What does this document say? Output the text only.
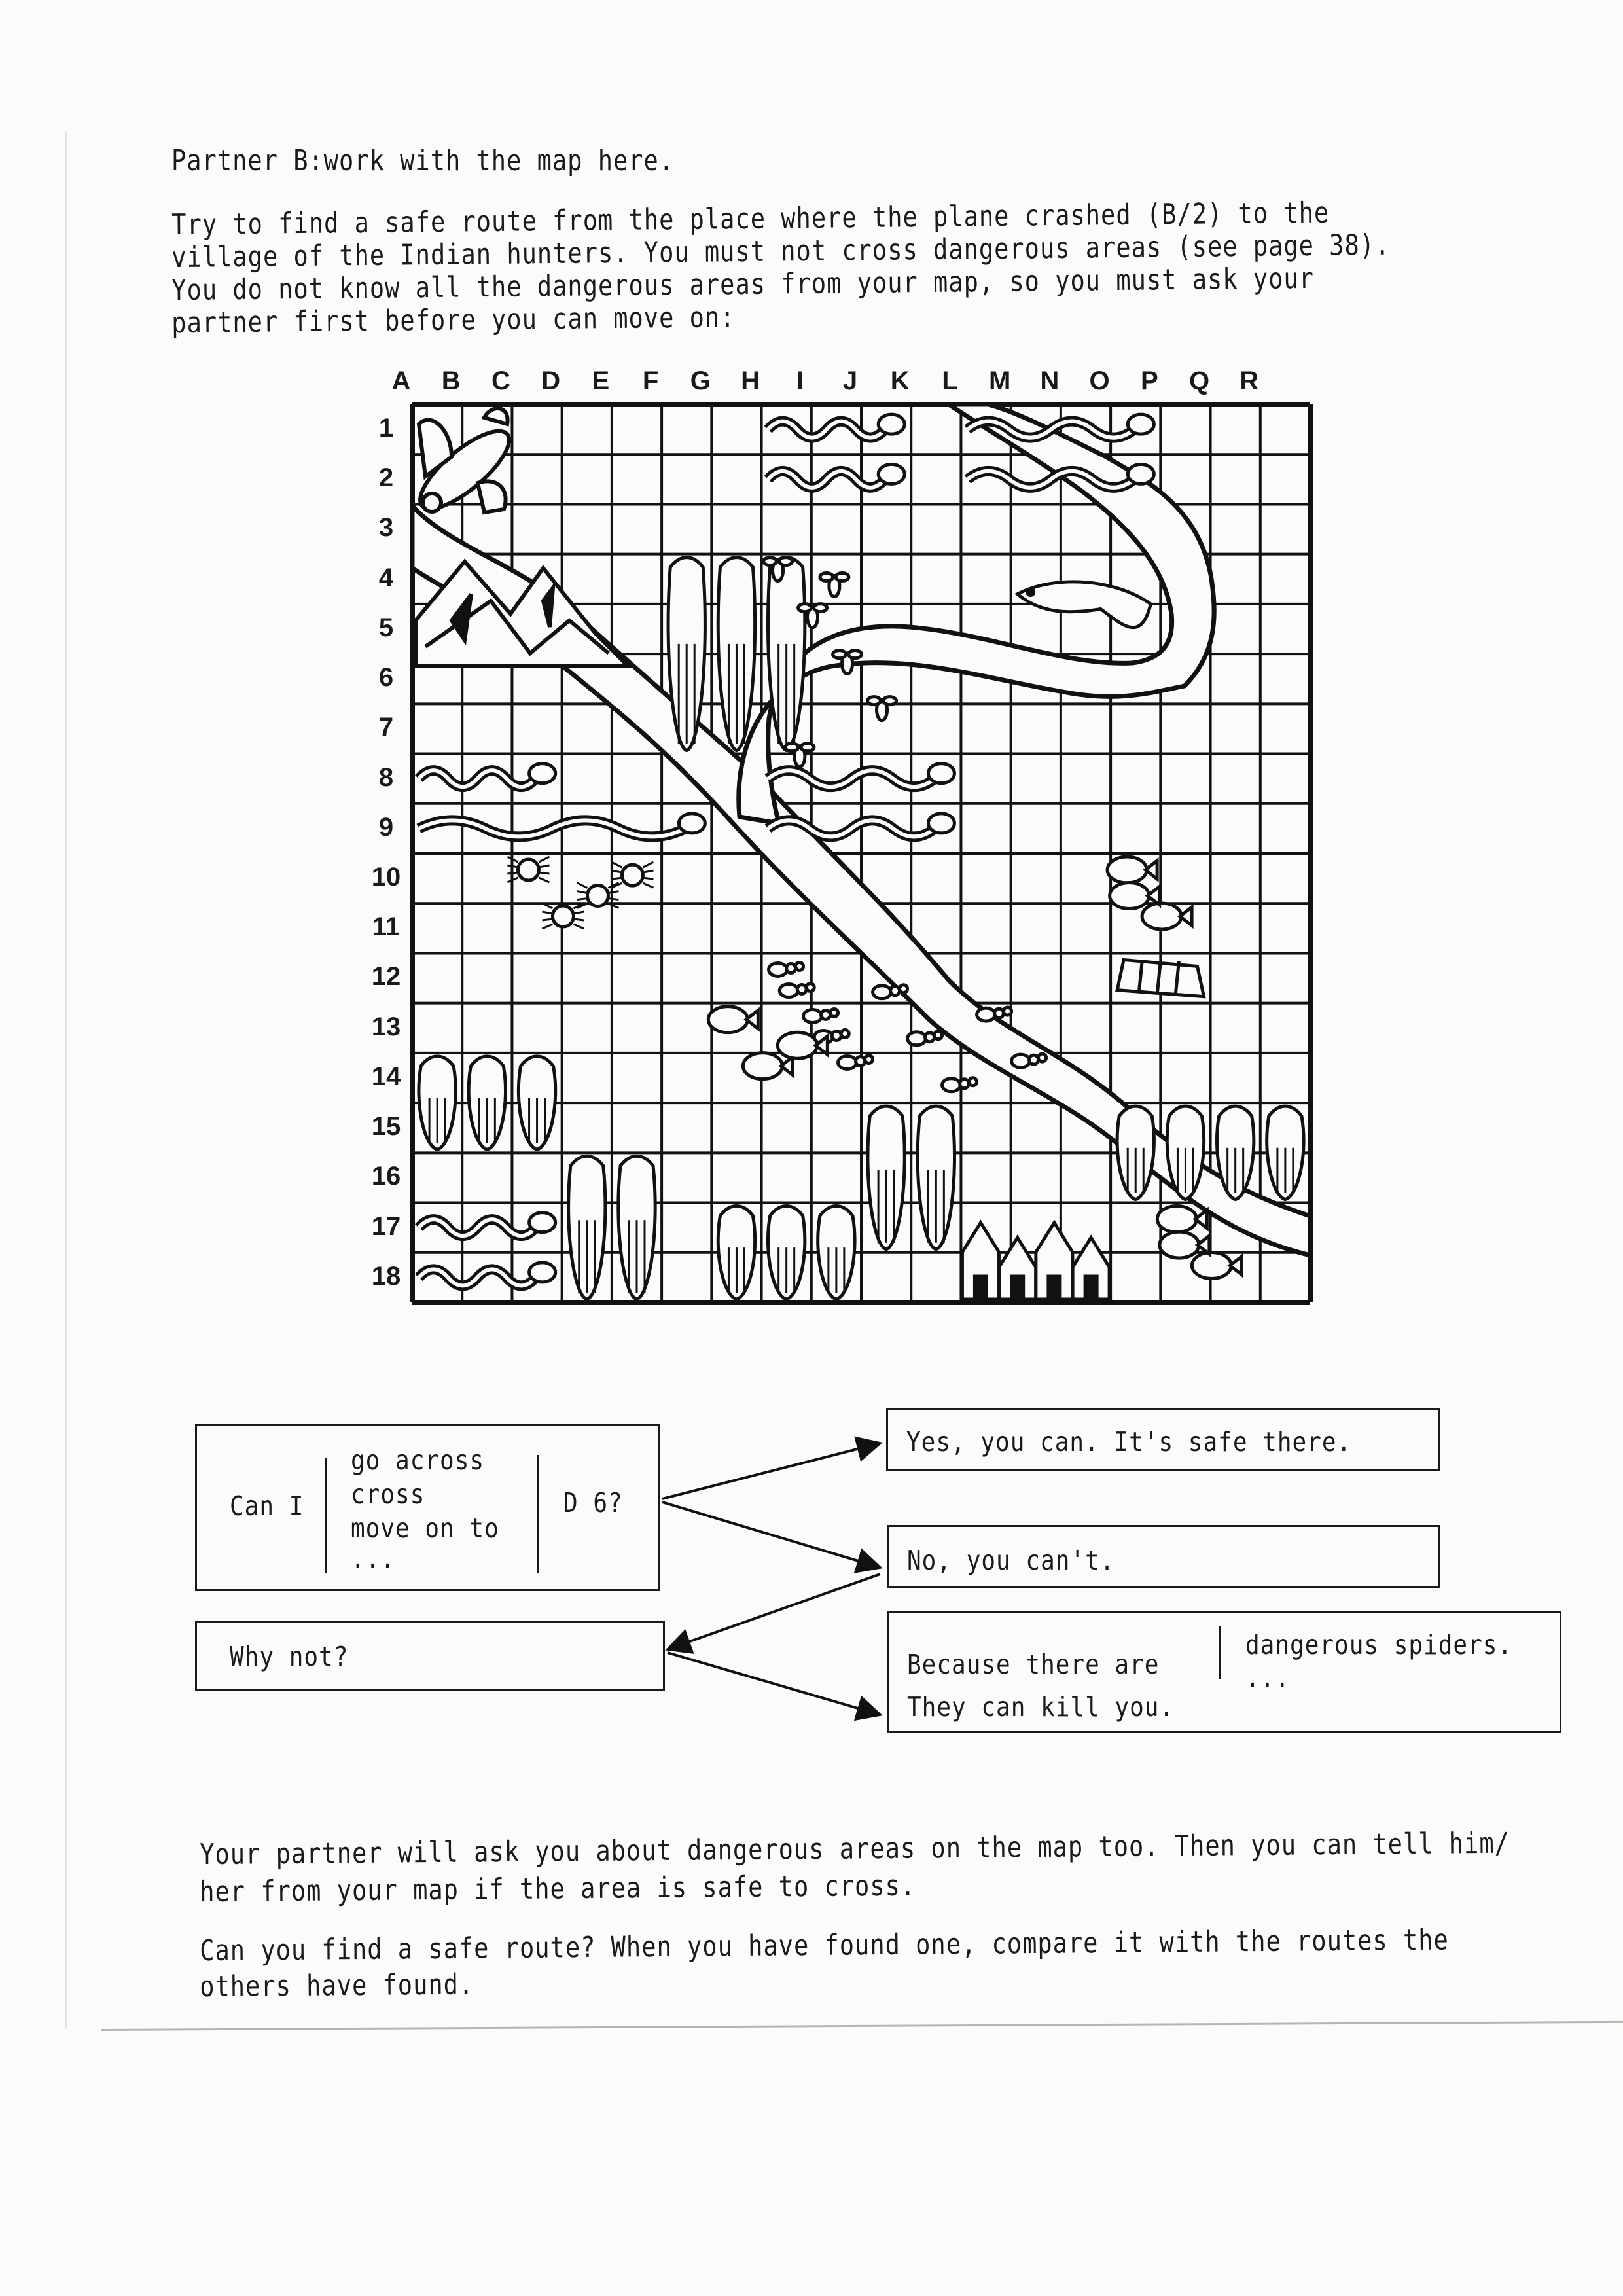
Partner B:work with the map here.
Try to find a safe route from the place where the plane crashed (B/2) to the
village of the Indian hunters. You must not cross dangerous areas (see page 38).
You do not know all the dangerous areas from your map, so you must ask your
partner first before you can move on:
A	B	C	D	E	F	G	H	I	J	K	L	M	N	O	P	Q	R
1
2
3
4
5
6
7
8
9
10
11
12
13
14
15
16
17
18
Can I
go across
cross
move on to
...
D 6?
Why not?
Yes, you can. It's safe there.
No, you can't.
Because there are
dangerous spiders.
...
They can kill you.
Your partner will ask you about dangerous areas on the map too. Then you can tell him/
her from your map if the area is safe to cross.
Can you find a safe route? When you have found one, compare it with the routes the
others have found.
